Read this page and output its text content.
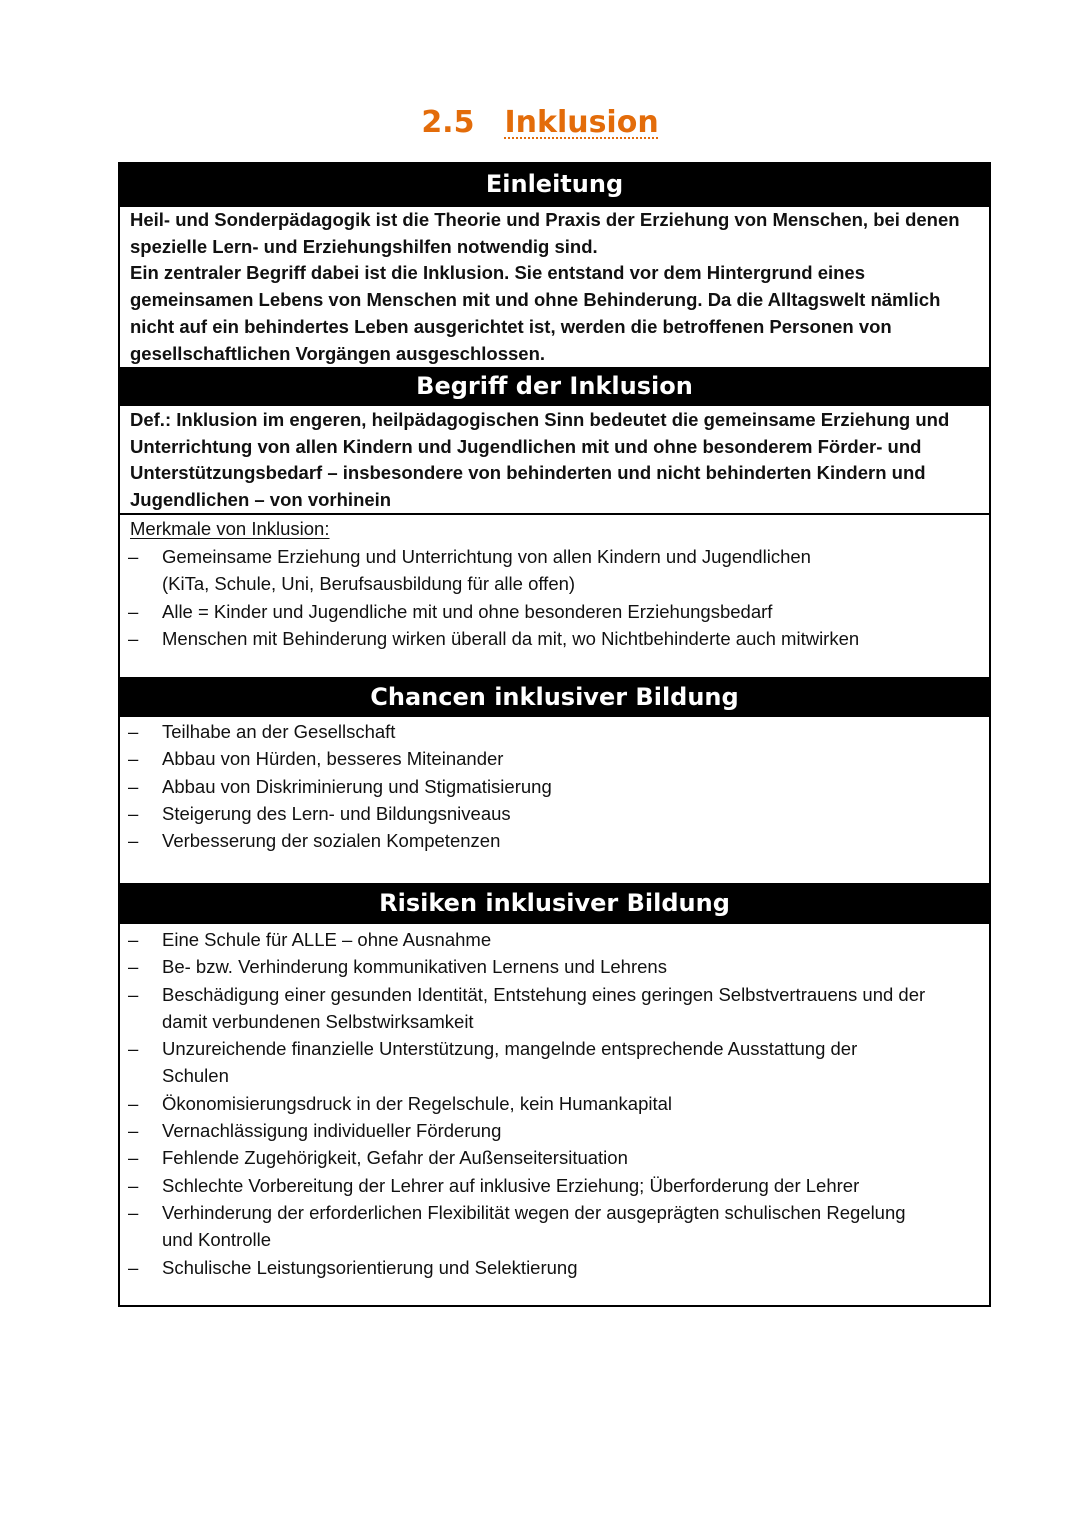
2.5 Inklusion
Einleitung
Heil- und Sonderpädagogik ist die Theorie und Praxis der Erziehung von Menschen, bei denen
spezielle Lern- und Erziehungshilfen notwendig sind.
Ein zentraler Begriff dabei ist die Inklusion. Sie entstand vor dem Hintergrund eines
gemeinsamen Lebens von Menschen mit und ohne Behinderung. Da die Alltagswelt nämlich
nicht auf ein behindertes Leben ausgerichtet ist, werden die betroffenen Personen von
gesellschaftlichen Vorgängen ausgeschlossen.
Begriff der Inklusion
Def.: Inklusion im engeren, heilpädagogischen Sinn bedeutet die gemeinsame Erziehung und
Unterrichtung von allen Kindern und Jugendlichen mit und ohne besonderem Förder- und
Unterstützungsbedarf – insbesondere von behinderten und nicht behinderten Kindern und
Jugendlichen – von vorhinein
Merkmale von Inklusion:
– Gemeinsame Erziehung und Unterrichtung von allen Kindern und Jugendlichen
(KiTa, Schule, Uni, Berufsausbildung für alle offen)
– Alle = Kinder und Jugendliche mit und ohne besonderen Erziehungsbedarf
– Menschen mit Behinderung wirken überall da mit, wo Nichtbehinderte auch mitwirken
Chancen inklusiver Bildung
– Teilhabe an der Gesellschaft
– Abbau von Hürden, besseres Miteinander
– Abbau von Diskriminierung und Stigmatisierung
– Steigerung des Lern- und Bildungsniveaus
– Verbesserung der sozialen Kompetenzen
Risiken inklusiver Bildung
– Eine Schule für ALLE – ohne Ausnahme
– Be- bzw. Verhinderung kommunikativen Lernens und Lehrens
– Beschädigung einer gesunden Identität, Entstehung eines geringen Selbstvertrauens und der
damit verbundenen Selbstwirksamkeit
– Unzureichende finanzielle Unterstützung, mangelnde entsprechende Ausstattung der
Schulen
– Ökonomisierungsdruck in der Regelschule, kein Humankapital
– Vernachlässigung individueller Förderung
– Fehlende Zugehörigkeit, Gefahr der Außenseitersituation
– Schlechte Vorbereitung der Lehrer auf inklusive Erziehung; Überforderung der Lehrer
– Verhinderung der erforderlichen Flexibilität wegen der ausgeprägten schulischen Regelung
und Kontrolle
– Schulische Leistungsorientierung und Selektierung
